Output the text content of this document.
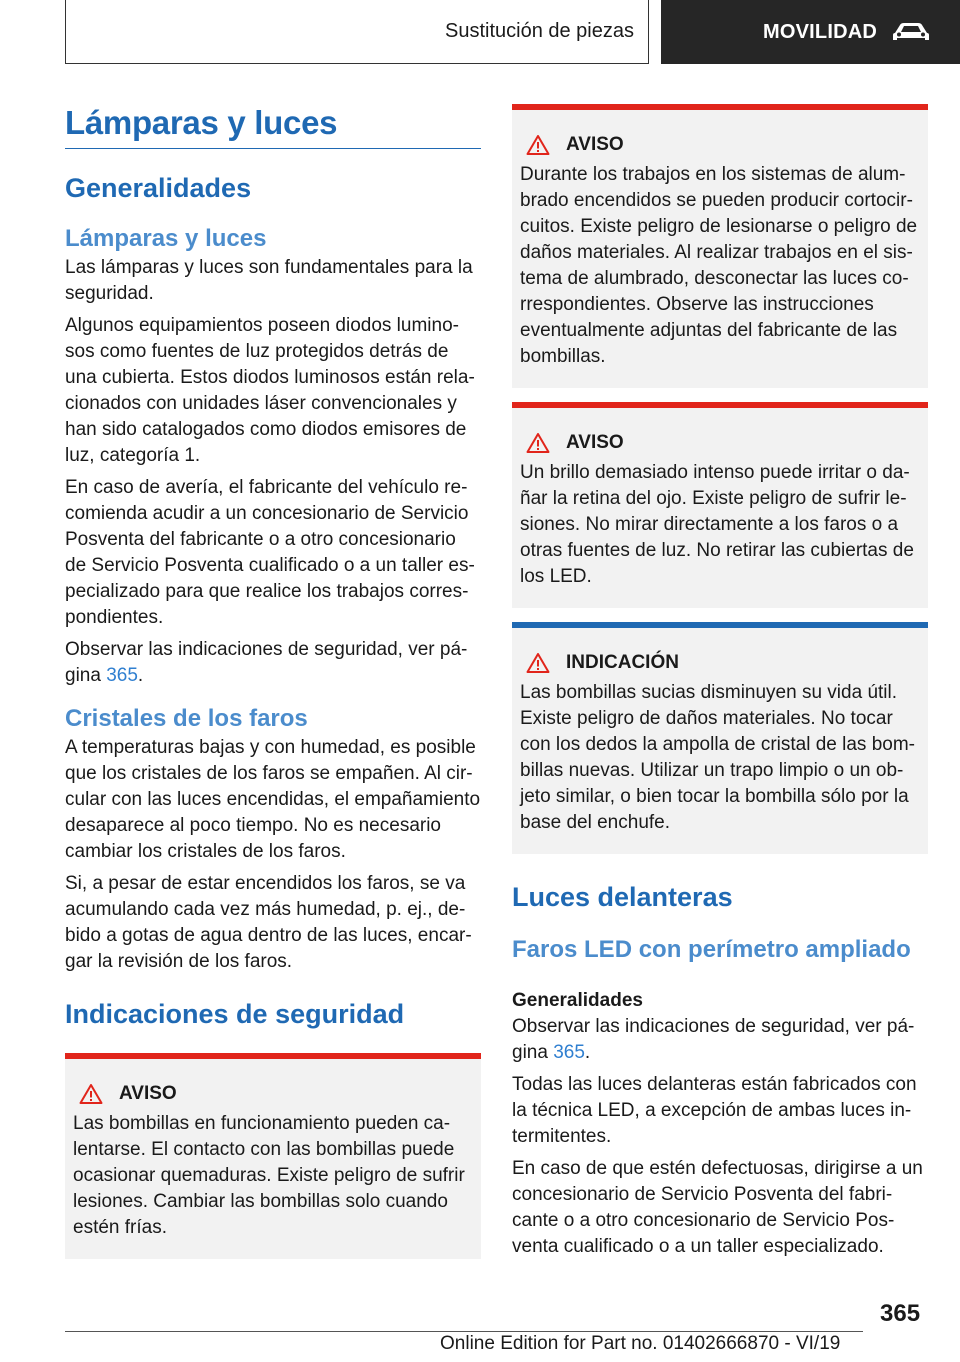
Sustitución de piezas	MOVILIDAD
Lámparas y luces
Generalidades
Lámparas y luces

Las lámparas y luces son fundamentales para la seguridad.

Algunos equipamientos poseen diodos lumino‐ sos como fuentes de luz protegidos detrás de una cubierta. Estos diodos luminosos están rela‐ cionados con unidades láser convencionales y han sido catalogados como diodos emisores de luz, categoría 1.

En caso de avería, el fabricante del vehículo re‐ comienda acudir a un concesionario de Servicio Posventa del fabricante o a otro concesionario de Servicio Posventa cualificado o a un taller es‐ pecializado para que realice los trabajos corres‐ pondientes.

Observar las indicaciones de seguridad, ver pá‐ gina 365.

Cristales de los faros

A temperaturas bajas y con humedad, es posible que los cristales de los faros se empañen. Al cir‐ cular con las luces encendidas, el empañamiento desaparece al poco tiempo. No es necesario cambiar los cristales de los faros.

Si, a pesar de estar encendidos los faros, se va acumulando cada vez más humedad, p. ej., de‐ bido a gotas de agua dentro de las luces, encar‐ gar la revisión de los faros.

Indicaciones de seguridad
AVISO

Las bombillas en funcionamiento pueden ca‐ lentarse. El contacto con las bombillas puede ocasionar quemaduras. Existe peligro de sufrir lesiones. Cambiar las bombillas solo cuando estén frías.

AVISO

Durante los trabajos en los sistemas de alum‐ brado encendidos se pueden producir cortocir‐ cuitos. Existe peligro de lesionarse o peligro de daños materiales. Al realizar trabajos en el sis‐ tema de alumbrado, desconectar las luces co‐ rrespondientes. Observe las instrucciones eventualmente adjuntas del fabricante de las bombillas.

AVISO

Un brillo demasiado intenso puede irritar o da‐ ñar la retina del ojo. Existe peligro de sufrir le‐ siones. No mirar directamente a los faros o a otras fuentes de luz. No retirar las cubiertas de los LED.

INDICACIÓN

Las bombillas sucias disminuyen su vida útil. Existe peligro de daños materiales. No tocar con los dedos la ampolla de cristal de las bom‐ billas nuevas. Utilizar un trapo limpio o un ob‐ jeto similar, o bien tocar la bombilla sólo por la base del enchufe.

Luces delanteras
Faros LED con perímetro ampliado
Generalidades

Observar las indicaciones de seguridad, ver pá‐ gina 365.

Todas las luces delanteras están fabricados con la técnica LED, a excepción de ambas luces in‐ termitentes.

En caso de que estén defectuosas, dirigirse a un concesionario de Servicio Posventa del fabri‐ cante o a otro concesionario de Servicio Pos‐ venta cualificado o a un taller especializado.

365
Online Edition for Part no. 01402666870 - VI/19
